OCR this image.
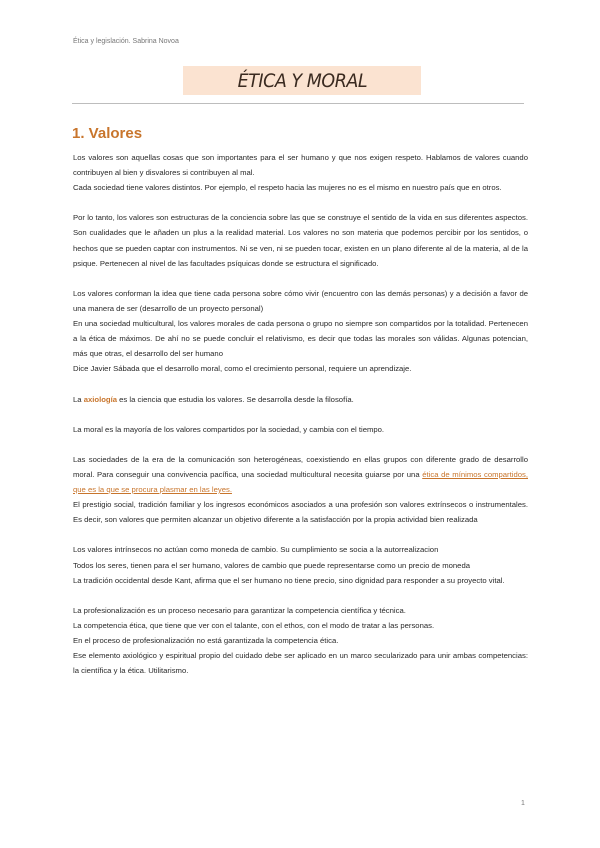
Ética y legislación. Sabrina Novoa
ÉTICA Y MORAL
1. Valores

Los valores son aquellas cosas que son importantes para el ser humano y que nos exigen respeto. Hablamos de valores cuando contribuyen al bien y disvalores si contribuyen al mal.

Cada sociedad tiene valores distintos. Por ejemplo, el respeto hacia las mujeres no es el mismo en nuestro país que en otros.

Por lo tanto, los valores son estructuras de la conciencia sobre las que se construye el sentido de la vida en sus diferentes aspectos. Son cualidades que le añaden un plus a la realidad material. Los valores no son materia que podemos percibir por los sentidos, o hechos que se pueden captar con instrumentos. Ni se ven, ni se pueden tocar, existen en un plano diferente al de la materia, al de la psique. Pertenecen al nivel de las facultades psíquicas donde se estructura el significado.

Los valores conforman la idea que tiene cada persona sobre cómo vivir (encuentro con las demás personas) y a decisión a favor de una manera de ser (desarrollo de un proyecto personal)

En una sociedad multicultural, los valores morales de cada persona o grupo no siempre son compartidos por la totalidad. Pertenecen a la ética de máximos. De ahí no se puede concluir el relativismo, es decir que todas las morales son válidas. Algunas potencian, más que otras, el desarrollo del ser humano

Dice Javier Sábada que el desarrollo moral, como el crecimiento personal, requiere un aprendizaje.

La axiología es la ciencia que estudia los valores. Se desarrolla desde la filosofía.

La moral es la mayoría de los valores compartidos por la sociedad, y cambia con el tiempo.

Las sociedades de la era de la comunicación son heterogéneas, coexistiendo en ellas grupos con diferente grado de desarrollo moral. Para conseguir una convivencia pacífica, una sociedad multicultural necesita guiarse por una ética de mínimos compartidos, que es la que se procura plasmar en las leyes.

El prestigio social, tradición familiar y los ingresos económicos asociados a una profesión son valores extrínsecos o instrumentales. Es decir, son valores que permiten alcanzar un objetivo diferente a la satisfacción por la propia actividad bien realizada

Los valores intrínsecos no actúan como moneda de cambio. Su cumplimiento se socia a la autorrealizacion

Todos los seres, tienen para el ser humano, valores de cambio que puede representarse como un precio de moneda

La tradición occidental desde Kant, afirma que el ser humano no tiene precio, sino dignidad para responder a su proyecto vital.

La profesionalización es un proceso necesario para garantizar la competencia científica y técnica.

La competencia ética, que tiene que ver con el talante, con el ethos, con el modo de tratar a las personas.

En el proceso de profesionalización no está garantizada la competencia ética.

Ese elemento axiológico y espiritual propio del cuidado debe ser aplicado en un marco secularizado para unir ambas competencias: la científica y la ética. Utilitarismo.

1
